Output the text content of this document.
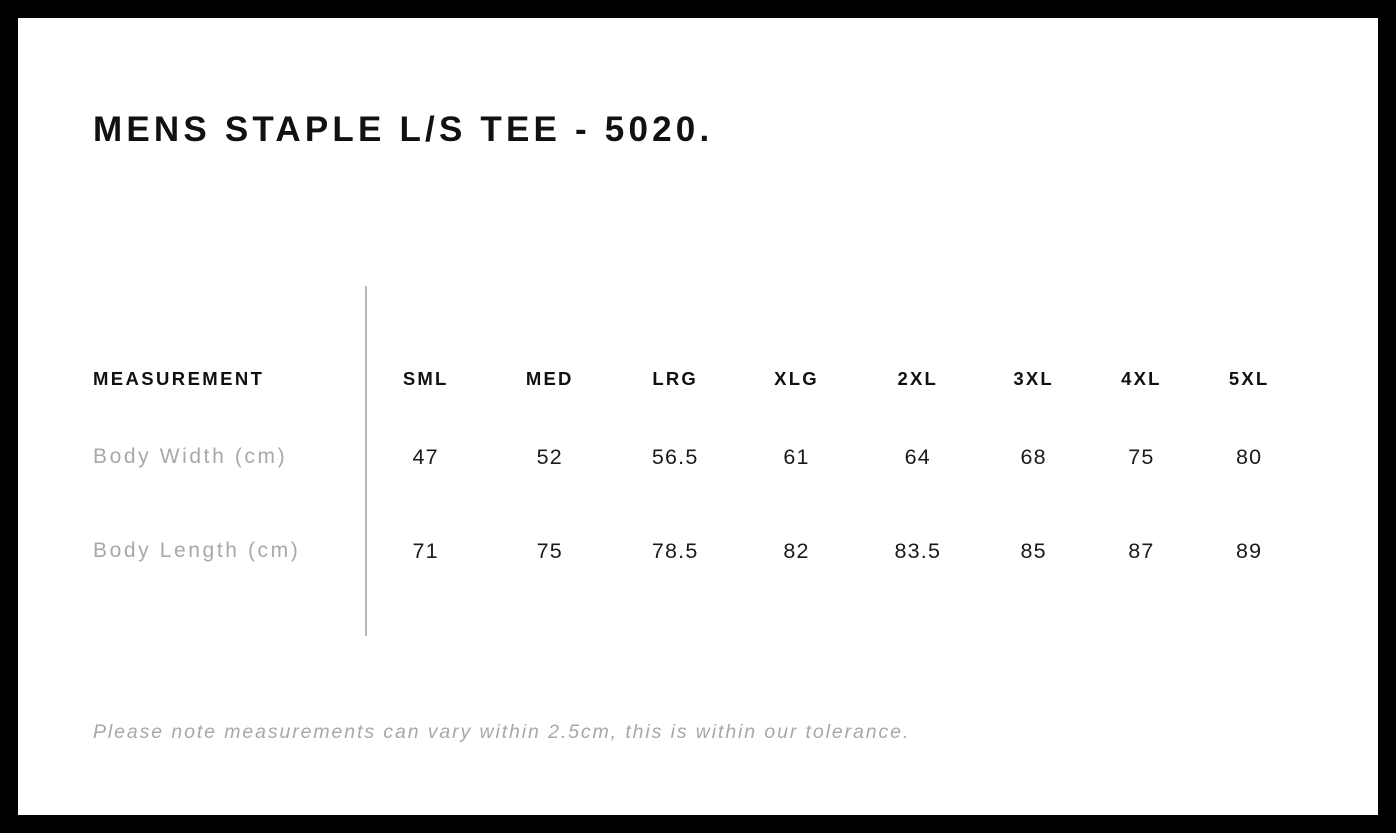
MENS STAPLE L/S TEE - 5020.
MEASUREMENT	SML	MED	LRG	XLG	2XL	3XL	4XL	5XL
Body Width (cm)	47	52	56.5	61	64	68	75	80
Body Length (cm)	71	75	78.5	82	83.5	85	87	89
Please note measurements can vary within 2.5cm, this is within our tolerance.
